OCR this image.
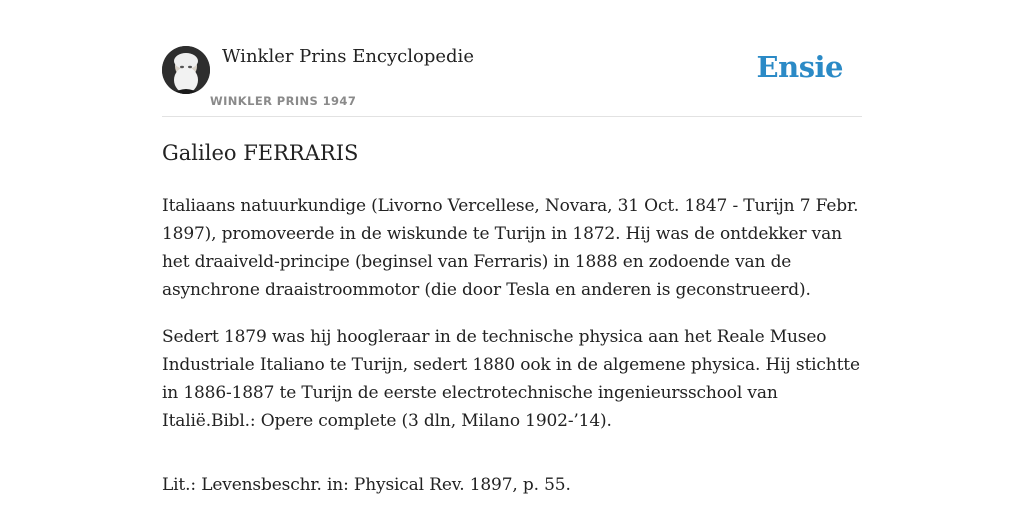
Winkler Prins Encyclopedie
WINKLER PRINS 1947
Ensie
Galileo FERRARIS

Italiaans natuurkundige (Livorno Vercellese, Novara, 31 Oct. 1847 - Turijn 7 Febr. 1897), promoveerde in de wiskunde te Turijn in 1872. Hij was de ontdekker van het draaiveld-principe (beginsel van Ferraris) in 1888 en zodoende van de asynchrone draaistroommotor (die door Tesla en anderen is geconstrueerd).

Sedert 1879 was hij hoogleraar in de technische physica aan het Reale Museo Industriale Italiano te Turijn, sedert 1880 ook in de algemene physica. Hij stichtte in 1886-1887 te Turijn de eerste electrotechnische ingenieursschool van Italië.Bibl.: Opere complete (3 dln, Milano 1902-’14).

Lit.: Levensbeschr. in: Physical Rev. 1897, p. 55.
